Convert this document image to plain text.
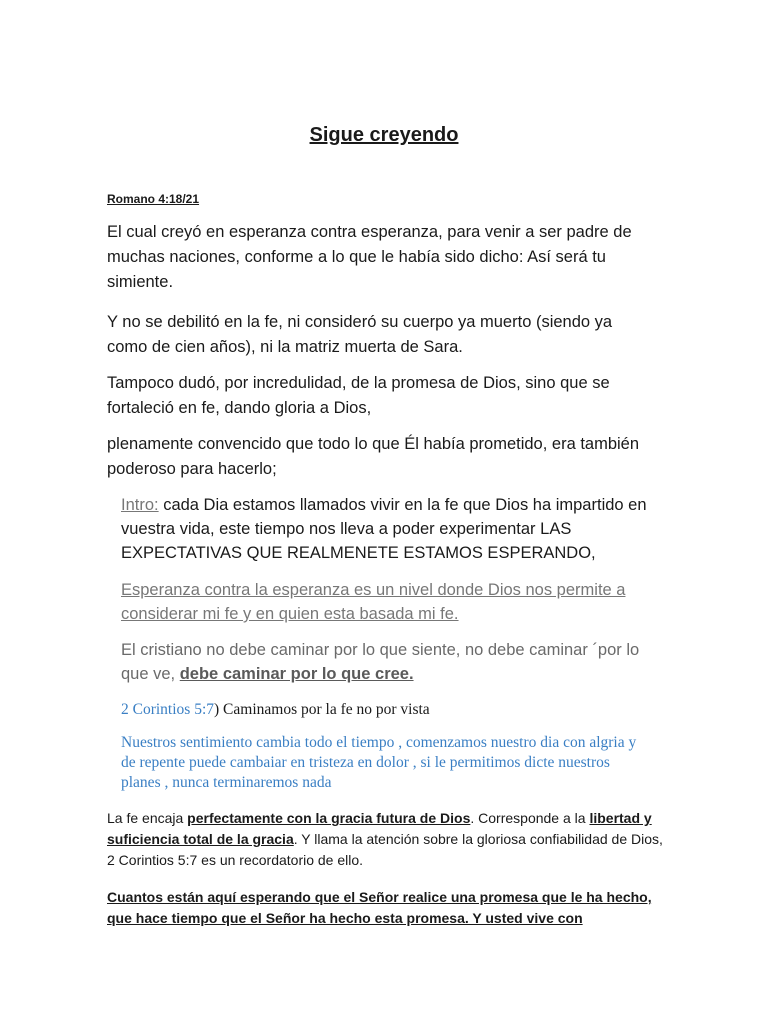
Sigue creyendo

Romano 4:18/21

El cual creyó en esperanza contra esperanza, para venir a ser padre de muchas naciones, conforme a lo que le había sido dicho: Así será tu simiente.

Y no se debilitó en la fe, ni consideró su cuerpo ya muerto (siendo ya como de cien años), ni la matriz muerta de Sara.

Tampoco dudó, por incredulidad, de la promesa de Dios, sino que se fortaleció en fe, dando gloria a Dios,

plenamente convencido que todo lo que Él había prometido, era también poderoso para hacerlo;

Intro: cada Dia estamos llamados vivir en la fe que Dios ha impartido en vuestra vida, este tiempo nos lleva a poder experimentar LAS EXPECTATIVAS QUE REALMENETE ESTAMOS ESPERANDO,

Esperanza contra la esperanza es un nivel donde Dios nos permite a considerar mi fe y en quien esta basada mi fe.

El cristiano no debe caminar por lo que siente, no debe caminar ´por lo que ve, debe caminar por lo que cree.

2 Corintios 5:7) Caminamos por la fe no por vista

Nuestros sentimiento cambia todo el tiempo , comenzamos nuestro dia con algria y de repente puede cambaiar en tristeza en dolor , si le permitimos dicte nuestros planes , nunca terminaremos nada

La fe encaja perfectamente con la gracia futura de Dios. Corresponde a la libertad y suficiencia total de la gracia. Y llama la atención sobre la gloriosa confiabilidad de Dios, 2 Corintios 5:7 es un recordatorio de ello.

Cuantos están aquí esperando que el Señor realice una promesa que le ha hecho, que hace tiempo que el Señor ha hecho esta promesa. Y usted vive con
